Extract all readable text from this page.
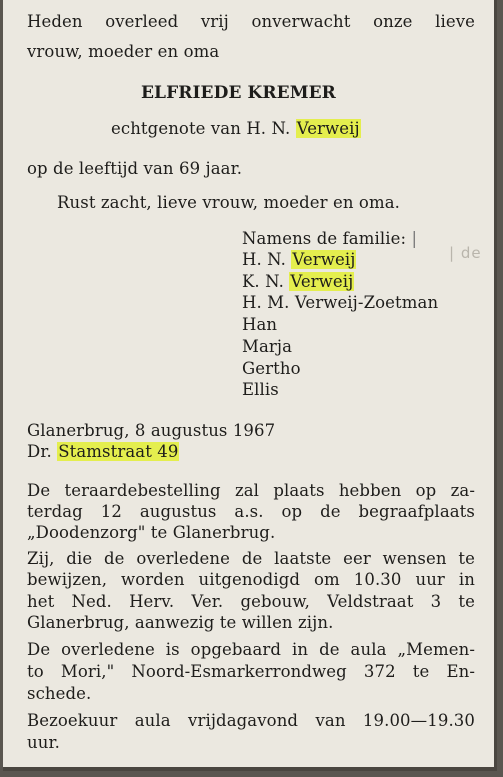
| de
Heden overleed vrij onverwacht onze lieve
vrouw, moeder en oma
ELFRIEDE KREMER
echtgenote van H. N. Verweij
op de leeftijd van 69 jaar.
Rust zacht, lieve vrouw, moeder en oma.
Namens de familie: |
H. N. Verweij
K. N. Verweij
H. M. Verweij-Zoetman
Han
Marja
Gertho
Ellis
Glanerbrug, 8 augustus 1967
Dr. Stamstraat 49
De teraardebestelling zal plaats hebben op za-
terdag 12 augustus a.s. op de begraafplaats
„Doodenzorg" te Glanerbrug.
Zij, die de overledene de laatste eer wensen te
bewijzen, worden uitgenodigd om 10.30 uur in
het Ned. Herv. Ver. gebouw, Veldstraat 3 te
Glanerbrug, aanwezig te willen zijn.
De overledene is opgebaard in de aula „Memen-
to Mori," Noord-Esmarkerrondweg 372 te En-
schede.
Bezoekuur aula vrijdagavond van 19.00—19.30
uur.
